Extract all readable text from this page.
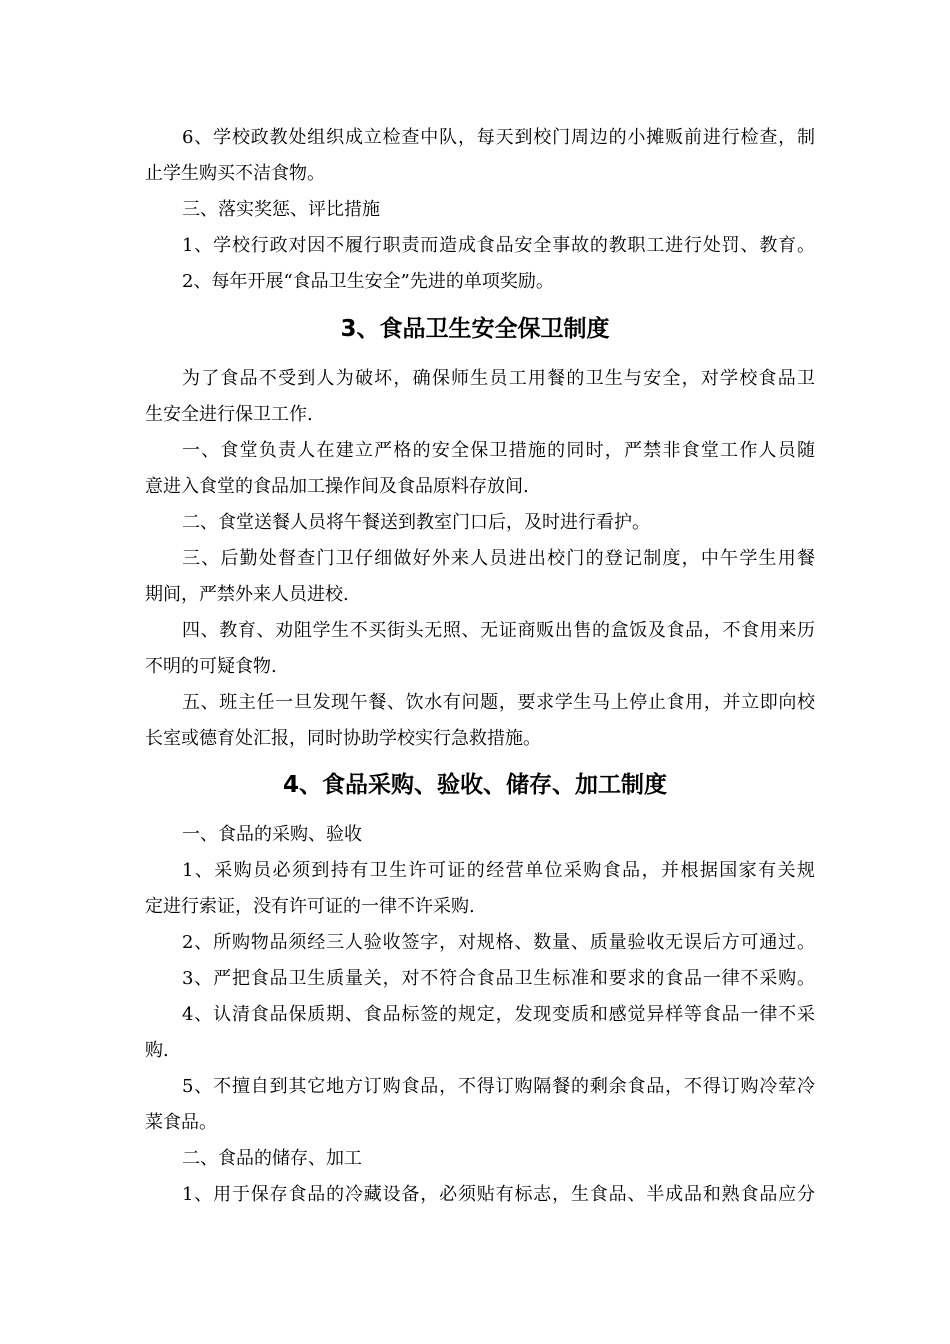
6、学校政教处组织成立检查中队，每天到校门周边的小摊贩前进行检查，制

止学生购买不洁食物。

三、落实奖惩、评比措施

1、学校行政对因不履行职责而造成食品安全事故的教职工进行处罚、教育。

2、每年开展“食品卫生安全”先进的单项奖励。

3、食品卫生安全保卫制度

为了食品不受到人为破坏，确保师生员工用餐的卫生与安全，对学校食品卫

生安全进行保卫工作.

一、食堂负责人在建立严格的安全保卫措施的同时，严禁非食堂工作人员随

意进入食堂的食品加工操作间及食品原料存放间.

二、食堂送餐人员将午餐送到教室门口后，及时进行看护。

三、后勤处督查门卫仔细做好外来人员进出校门的登记制度，中午学生用餐

期间，严禁外来人员进校.

四、教育、劝阻学生不买街头无照、无证商贩出售的盒饭及食品，不食用来历

不明的可疑食物.

五、班主任一旦发现午餐、饮水有问题，要求学生马上停止食用，并立即向校

长室或德育处汇报，同时协助学校实行急救措施。

4、食品采购、验收、储存、加工制度

一、食品的采购、验收

1、采购员必须到持有卫生许可证的经营单位采购食品，并根据国家有关规

定进行索证，没有许可证的一律不许采购.

2、所购物品须经三人验收签字，对规格、数量、质量验收无误后方可通过。

3、严把食品卫生质量关，对不符合食品卫生标准和要求的食品一律不采购。

4、认清食品保质期、食品标签的规定，发现变质和感觉异样等食品一律不采

购.

5、不擅自到其它地方订购食品，不得订购隔餐的剩余食品，不得订购冷荤冷

菜食品。

二、食品的储存、加工

1、用于保存食品的冷藏设备，必须贴有标志，生食品、半成品和熟食品应分
